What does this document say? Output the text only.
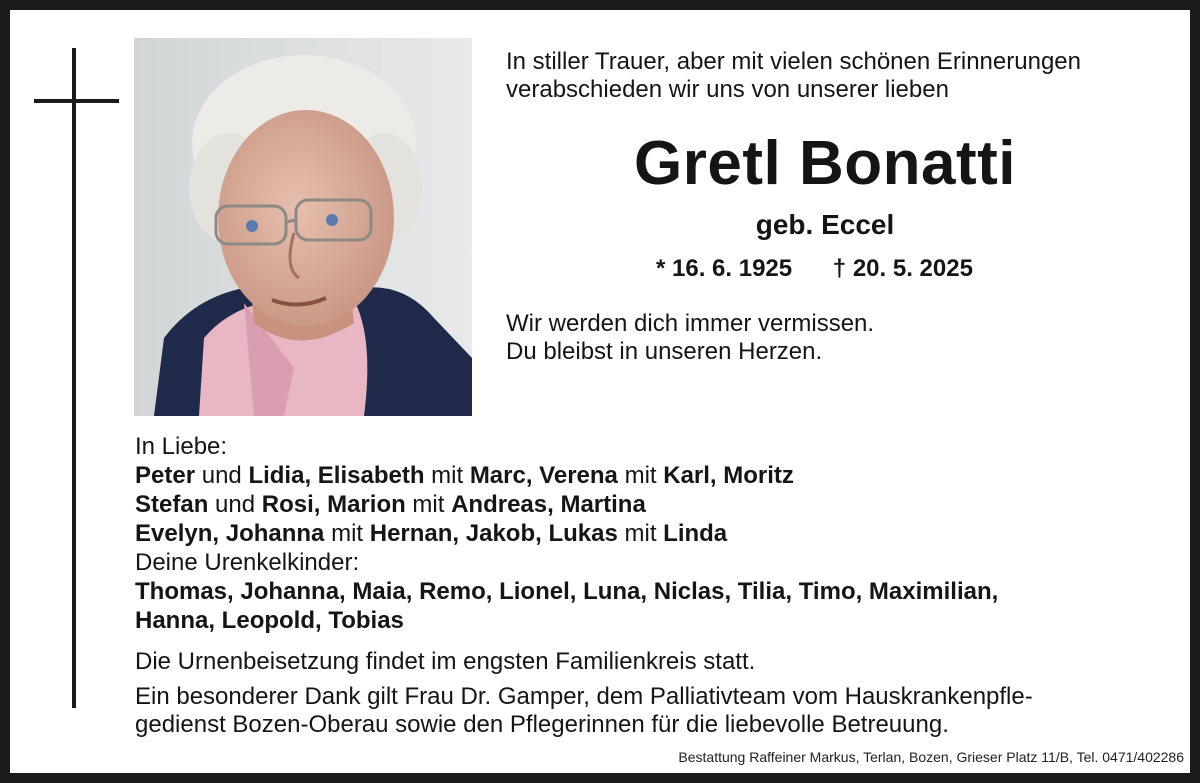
In stiller Trauer, aber mit vielen schönen Erinnerungen
verabschieden wir uns von unserer lieben
Gretl Bonatti
geb. Eccel
* 16. 6. 1925 † 20. 5. 2025
Wir werden dich immer vermissen.
Du bleibst in unseren Herzen.
In Liebe:
Peter und Lidia, Elisabeth mit Marc, Verena mit Karl, Moritz
Stefan und Rosi, Marion mit Andreas, Martina
Evelyn, Johanna mit Hernan, Jakob, Lukas mit Linda
Deine Urenkelkinder:
Thomas, Johanna, Maia, Remo, Lionel, Luna, Niclas, Tilia, Timo, Maximilian,
Hanna, Leopold, Tobias
Die Urnenbeisetzung findet im engsten Familienkreis statt.
Ein besonderer Dank gilt Frau Dr. Gamper, dem Palliativteam vom Hauskrankenpfle-
gedienst Bozen-Oberau sowie den Pflegerinnen für die liebevolle Betreuung.
Bestattung Raffeiner Markus, Terlan, Bozen, Grieser Platz 11/B, Tel. 0471/402286
